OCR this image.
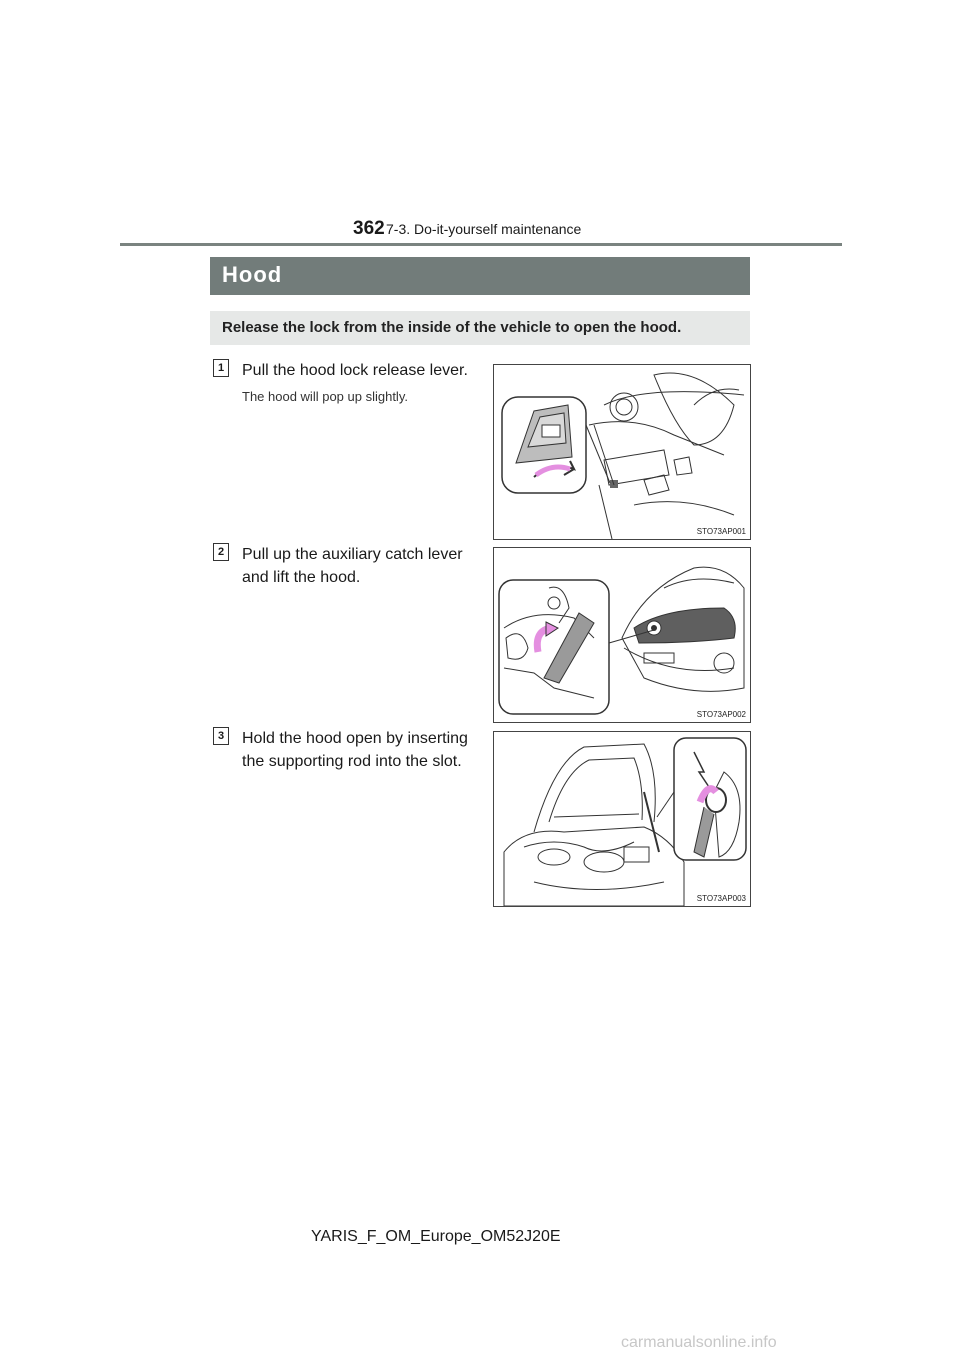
362 7-3. Do-it-yourself maintenance
Hood
Release the lock from the inside of the vehicle to open the hood.
1	Pull the hood lock release lever.
The hood will pop up slightly.
STO73AP001
2	Pull up the auxiliary catch lever
and lift the hood.
STO73AP002
3	Hold the hood open by inserting
the supporting rod into the slot.
STO73AP003
YARIS_F_OM_Europe_OM52J20E
carmanualsonline.info
